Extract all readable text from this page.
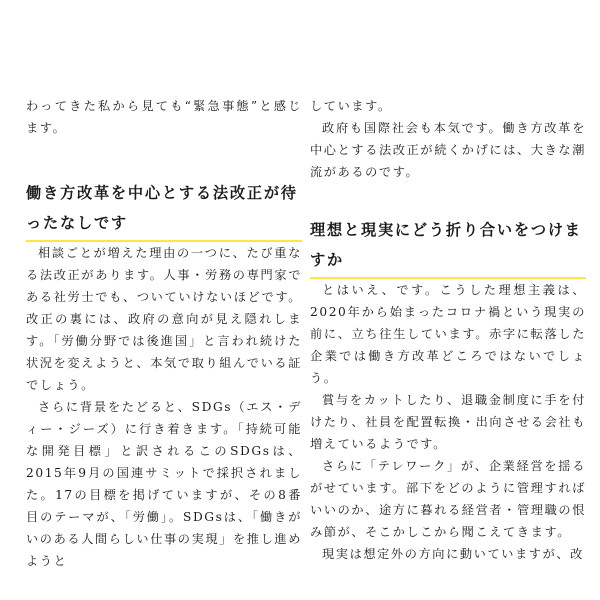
わってきた私から見ても“緊急事態”と感じます。

働き方改革を中心とする法改正が待ったなしです

相談ごとが増えた理由の一つに、たび重なる法改正があります。人事・労務の専門家である社労士でも、ついていけないほどです。改正の裏には、政府の意向が見え隠れします。「労働分野では後進国」と言われ続けた状況を変えようと、本気で取り組んでいる証でしょう。

さらに背景をたどると、SDGs（エス・ディー・ジーズ）に行き着きます。「持続可能な開発目標」と訳されるこのSDGsは、2015年9月の国連サミットで採択されました。17の目標を掲げていますが、その8番目のテーマが、「労働」。SDGsは、「働きがいのある人間らしい仕事の実現」を推し進めようと

しています。

政府も国際社会も本気です。働き方改革を中心とする法改正が続くかげには、大きな潮流があるのです。

理想と現実にどう折り合いをつけますか

とはいえ、です。こうした理想主義は、2020年から始まったコロナ禍という現実の前に、立ち往生しています。赤字に転落した企業では働き方改革どころではないでしょう。

賞与をカットしたり、退職金制度に手を付けたり、社員を配置転換・出向させる会社も増えているようです。

さらに「テレワーク」が、企業経営を揺るがせています。部下をどのように管理すればいいのか、途方に暮れる経営者・管理職の恨み節が、そこかしこから聞こえてきます。

現実は想定外の方向に動いていますが、改
